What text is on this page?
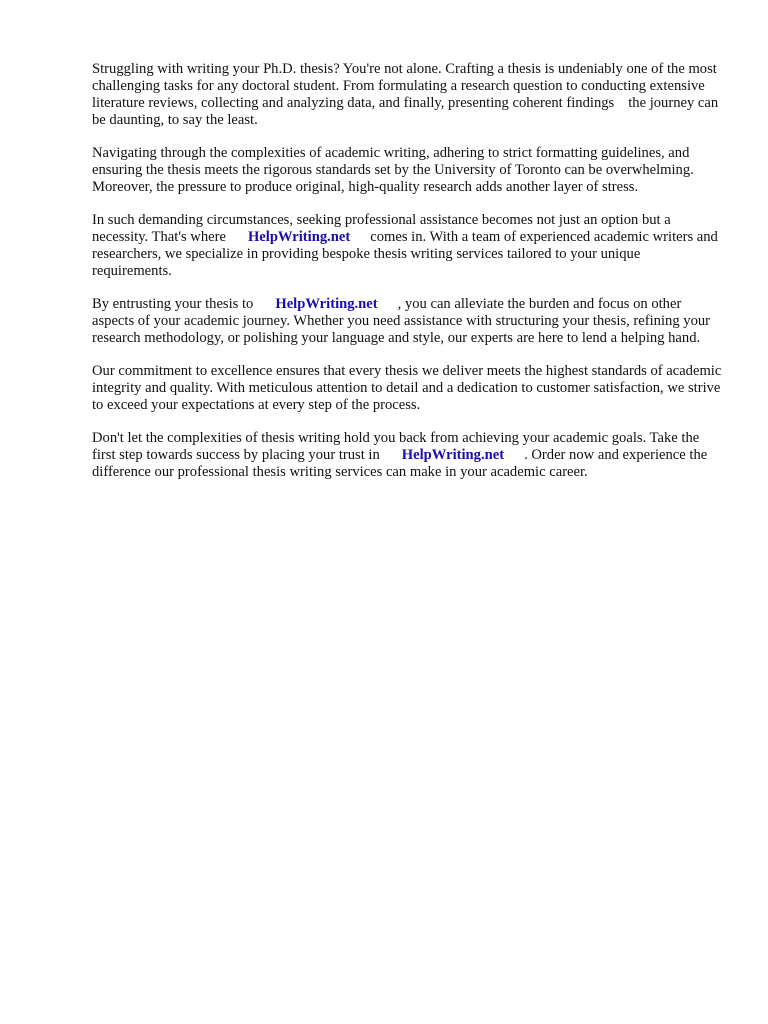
Struggling with writing your Ph.D. thesis? You're not alone. Crafting a thesis is undeniably one of the most challenging tasks for any doctoral student. From formulating a research question to conducting extensive literature reviews, collecting and analyzing data, and finally, presenting coherent findings the journey can be daunting, to say the least.

Navigating through the complexities of academic writing, adhering to strict formatting guidelines, and ensuring the thesis meets the rigorous standards set by the University of Toronto can be overwhelming. Moreover, the pressure to produce original, high-quality research adds another layer of stress.

In such demanding circumstances, seeking professional assistance becomes not just an option but a necessity. That's where HelpWriting.net comes in. With a team of experienced academic writers and researchers, we specialize in providing bespoke thesis writing services tailored to your unique requirements.

By entrusting your thesis to HelpWriting.net , you can alleviate the burden and focus on other aspects of your academic journey. Whether you need assistance with structuring your thesis, refining your research methodology, or polishing your language and style, our experts are here to lend a helping hand.

Our commitment to excellence ensures that every thesis we deliver meets the highest standards of academic integrity and quality. With meticulous attention to detail and a dedication to customer satisfaction, we strive to exceed your expectations at every step of the process.

Don't let the complexities of thesis writing hold you back from achieving your academic goals. Take the first step towards success by placing your trust in HelpWriting.net . Order now and experience the difference our professional thesis writing services can make in your academic career.
